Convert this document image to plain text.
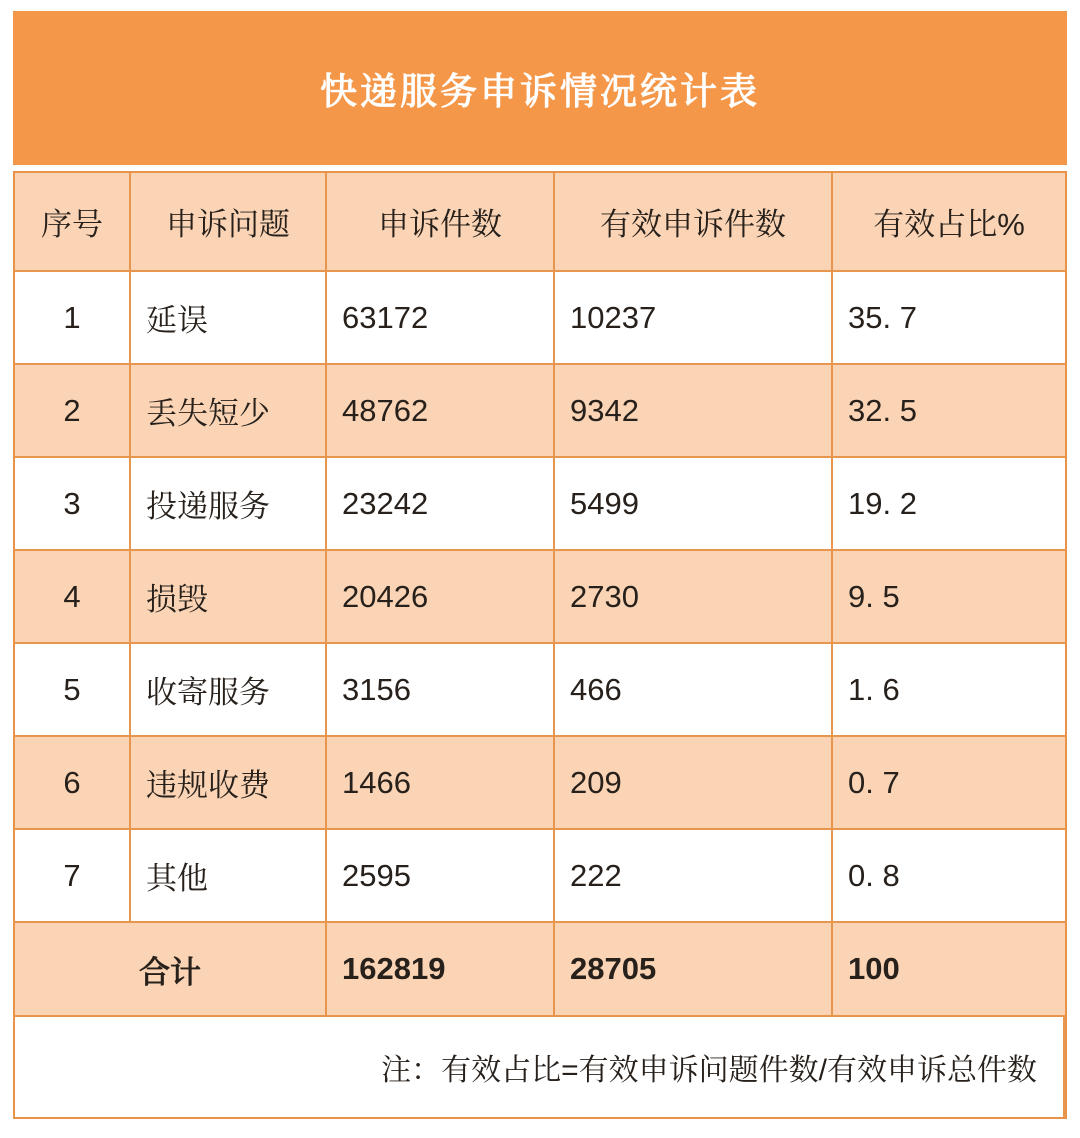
快递服务申诉情况统计表
序号	申诉问题	申诉件数	有效申诉件数	有效占比%
1	延误	63172	10237	35. 7
2	丢失短少	48762	9342	32. 5
3	投递服务	23242	5499	19. 2
4	损毁	20426	2730	9. 5
5	收寄服务	3156	466	1. 6
6	违规收费	1466	209	0. 7
7	其他	2595	222	0. 8
合计	162819	28705	100
注：有效占比=有效申诉问题件数/有效申诉总件数
